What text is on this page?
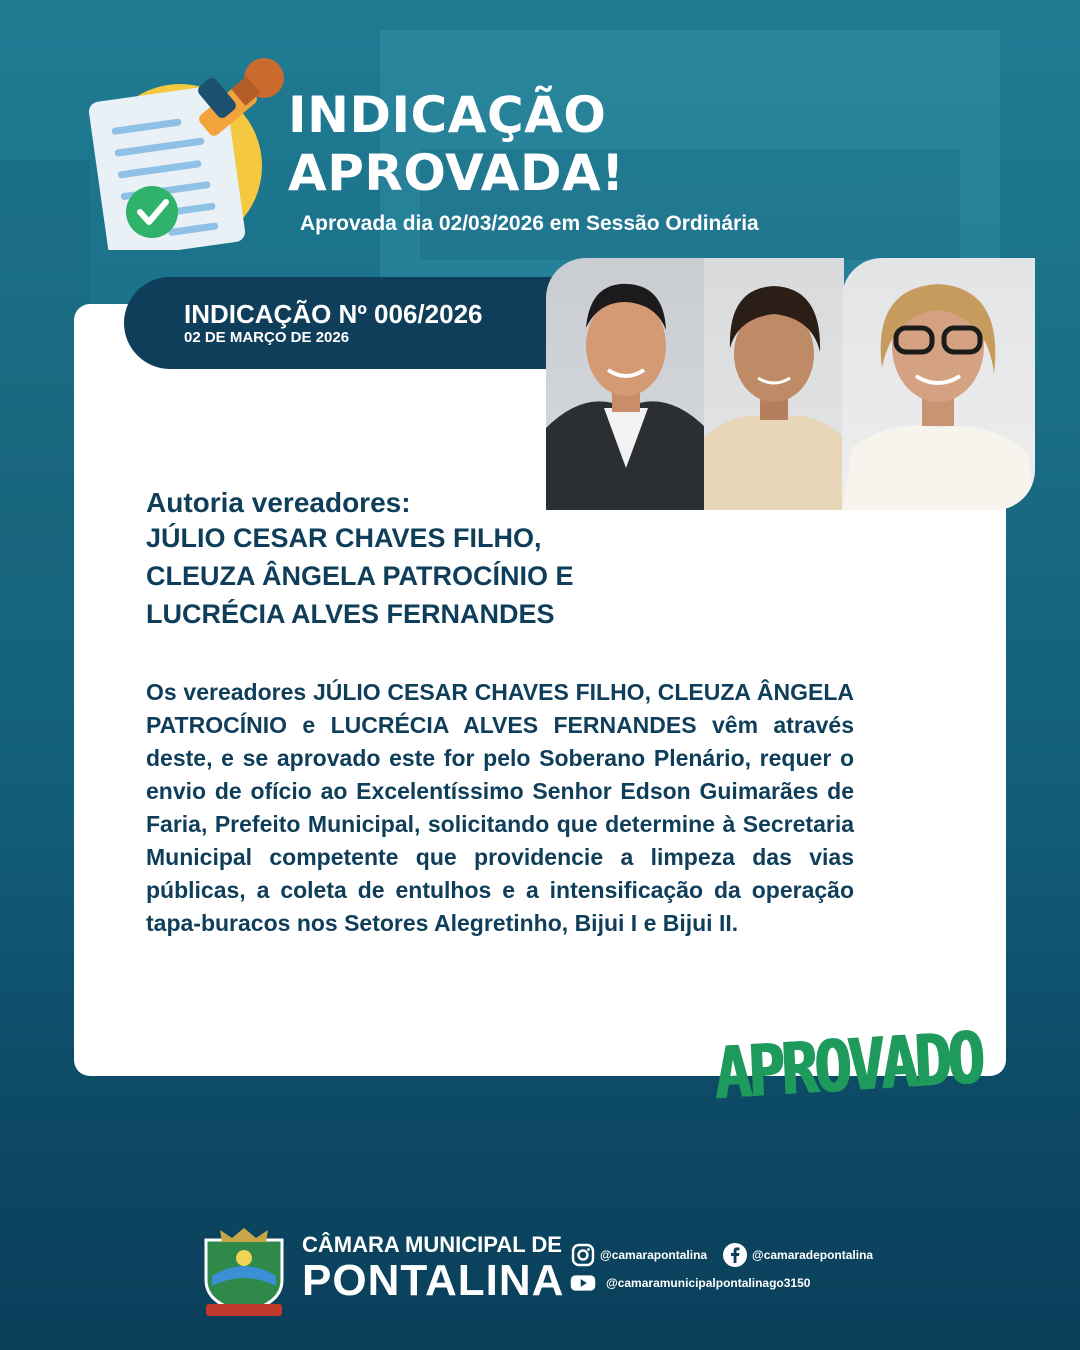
INDICAÇÃO
APROVADA!
Aprovada dia 02/03/2026 em Sessão Ordinária
INDICAÇÃO Nº 006/2026
02 DE MARÇO DE 2026
Autoria vereadores:
JÚLIO CESAR CHAVES FILHO,
CLEUZA ÂNGELA PATROCÍNIO E
LUCRÉCIA ALVES FERNANDES
Os vereadores JÚLIO CESAR CHAVES FILHO, CLEUZA ÂNGELA PATROCÍNIO e LUCRÉCIA ALVES FERNANDES vêm através deste, e se aprovado este for pelo Soberano Plenário, requer o envio de ofício ao Excelentíssimo Senhor Edson Guimarães de Faria, Prefeito Municipal, solicitando que determine à Secretaria Municipal competente que providencie a limpeza das vias públicas, a coleta de entulhos e a intensificação da operação tapa-buracos nos Setores Alegretinho, Bijui I e Bijui II.
APROVADO
CÂMARA MUNICIPAL DE
PONTALINA
@camarapontalina	@camaradepontalina
@camaramunicipalpontalinago3150
